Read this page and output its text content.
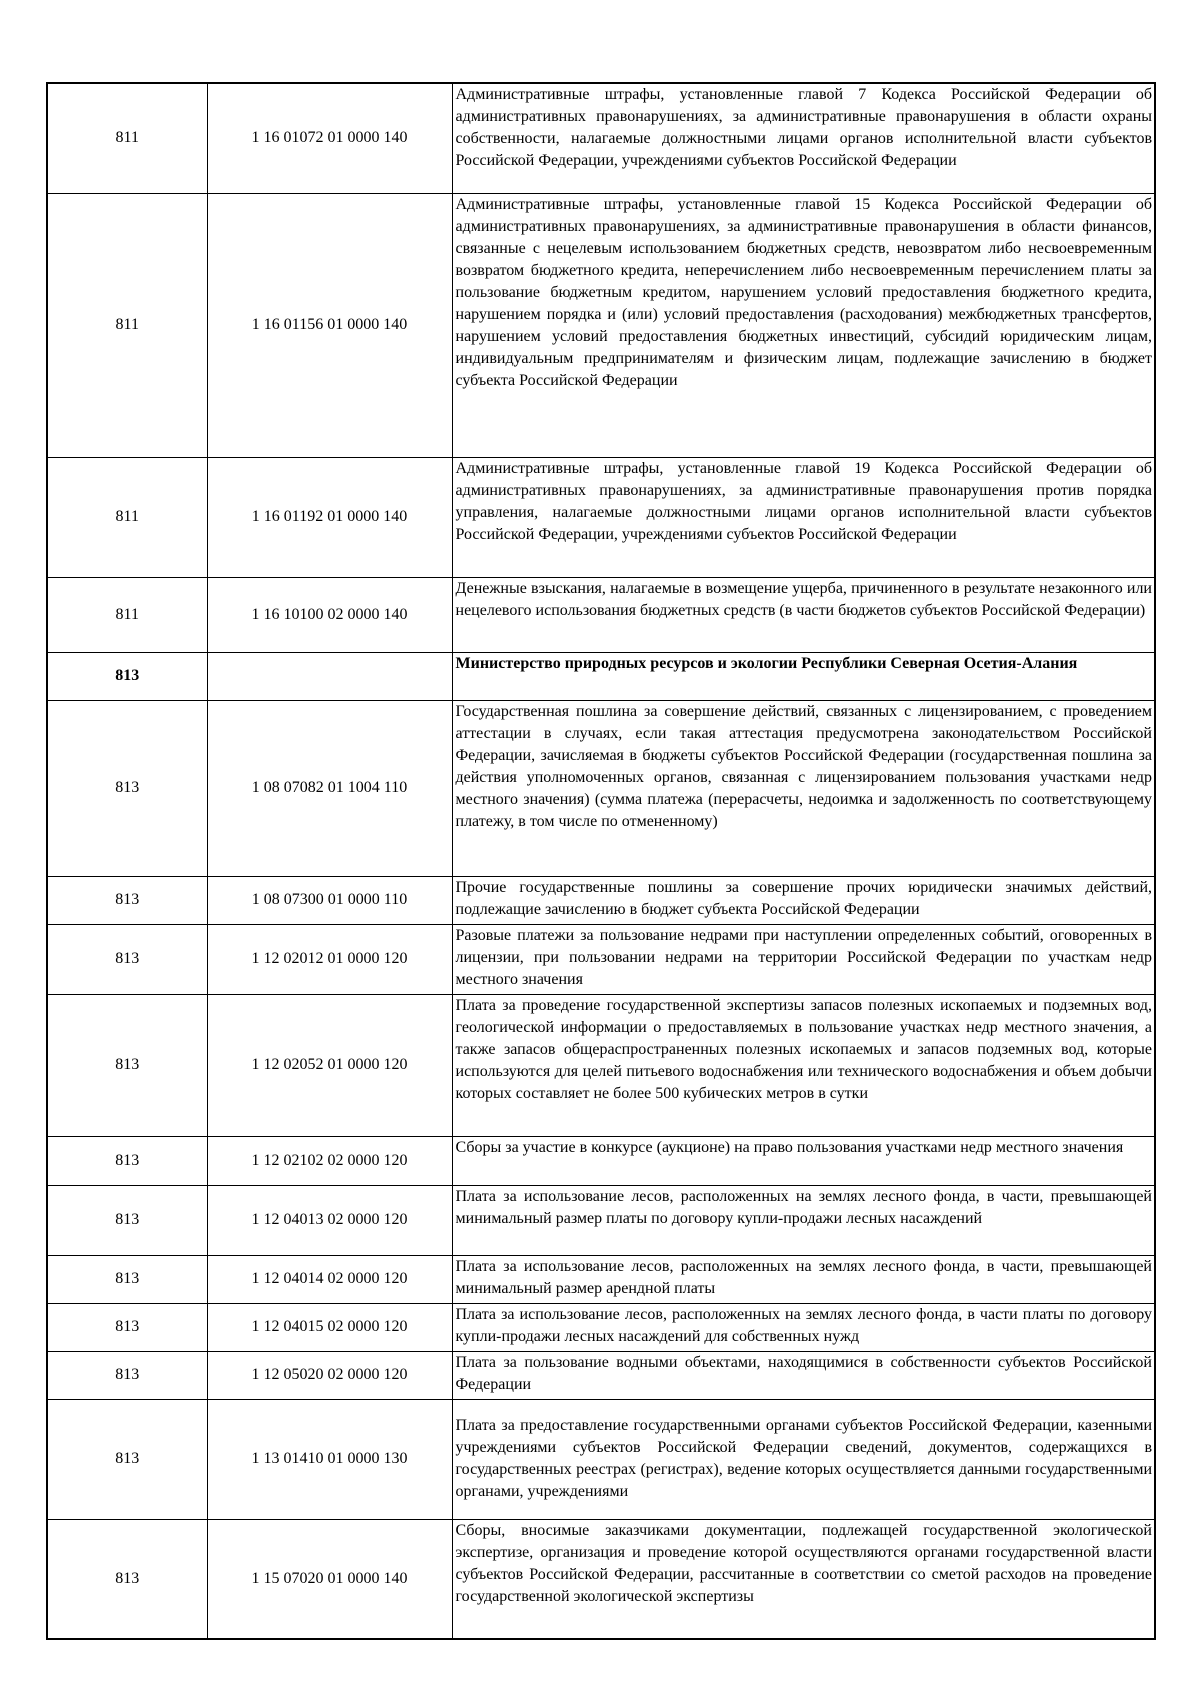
811	1 16 01072 01 0000 140	Административные штрафы, установленные главой 7 Кодекса Российской Федерации об административных правонарушениях, за административные правонарушения в области охраны собственности, налагаемые должностными лицами органов исполнительной власти субъектов Российской Федерации, учреждениями субъектов Российской Федерации
811	1 16 01156 01 0000 140	Административные штрафы, установленные главой 15 Кодекса Российской Федерации об административных правонарушениях, за административные правонарушения в области финансов, связанные с нецелевым использованием бюджетных средств, невозвратом либо несвоевременным возвратом бюджетного кредита, неперечислением либо несвоевременным перечислением платы за пользование бюджетным кредитом, нарушением условий предоставления бюджетного кредита, нарушением порядка и (или) условий предоставления (расходования) межбюджетных трансфертов, нарушением условий предоставления бюджетных инвестиций, субсидий юридическим лицам, индивидуальным предпринимателям и физическим лицам, подлежащие зачислению в бюджет субъекта Российской Федерации
811	1 16 01192 01 0000 140	Административные штрафы, установленные главой 19 Кодекса Российской Федерации об административных правонарушениях, за административные правонарушения против порядка управления, налагаемые должностными лицами органов исполнительной власти субъектов Российской Федерации, учреждениями субъектов Российской Федерации
811	1 16 10100 02 0000 140	Денежные взыскания, налагаемые в возмещение ущерба, причиненного в результате незаконного или нецелевого использования бюджетных средств (в части бюджетов субъектов Российской Федерации)
813		Министерство природных ресурсов и экологии Республики Северная Осетия-Алания
813	1 08 07082 01 1004 110	Государственная пошлина за совершение действий, связанных с лицензированием, с проведением аттестации в случаях, если такая аттестация предусмотрена законодательством Российской Федерации, зачисляемая в бюджеты субъектов Российской Федерации (государственная пошлина за действия уполномоченных органов, связанная с лицензированием пользования участками недр местного значения) (сумма платежа (перерасчеты, недоимка и задолженность по соответствующему платежу, в том числе по отмененному)
813	1 08 07300 01 0000 110	Прочие государственные пошлины за совершение прочих юридически значимых действий, подлежащие зачислению в бюджет субъекта Российской Федерации
813	1 12 02012 01 0000 120	Разовые платежи за пользование недрами при наступлении определенных событий, оговоренных в лицензии, при пользовании недрами на территории Российской Федерации по участкам недр местного значения
813	1 12 02052 01 0000 120	Плата за проведение государственной экспертизы запасов полезных ископаемых и подземных вод, геологической информации о предоставляемых в пользование участках недр местного значения, а также запасов общераспространенных полезных ископаемых и запасов подземных вод, которые используются для целей питьевого водоснабжения или технического водоснабжения и объем добычи которых составляет не более 500 кубических метров в сутки
813	1 12 02102 02 0000 120	Сборы за участие в конкурсе (аукционе) на право пользования участками недр местного значения
813	1 12 04013 02 0000 120	Плата за использование лесов, расположенных на землях лесного фонда, в части, превышающей минимальный размер платы по договору купли-продажи лесных насаждений
813	1 12 04014 02 0000 120	Плата за использование лесов, расположенных на землях лесного фонда, в части, превышающей минимальный размер арендной платы
813	1 12 04015 02 0000 120	Плата за использование лесов, расположенных на землях лесного фонда, в части платы по договору купли-продажи лесных насаждений для собственных нужд
813	1 12 05020 02 0000 120	Плата за пользование водными объектами, находящимися в собственности субъектов Российской Федерации
813	1 13 01410 01 0000 130	Плата за предоставление государственными органами субъектов Российской Федерации, казенными учреждениями субъектов Российской Федерации сведений, документов, содержащихся в государственных реестрах (регистрах), ведение которых осуществляется данными государственными органами, учреждениями
813	1 15 07020 01 0000 140	Сборы, вносимые заказчиками документации, подлежащей государственной экологической экспертизе, организация и проведение которой осуществляются органами государственной власти субъектов Российской Федерации, рассчитанные в соответствии со сметой расходов на проведение государственной экологической экспертизы
